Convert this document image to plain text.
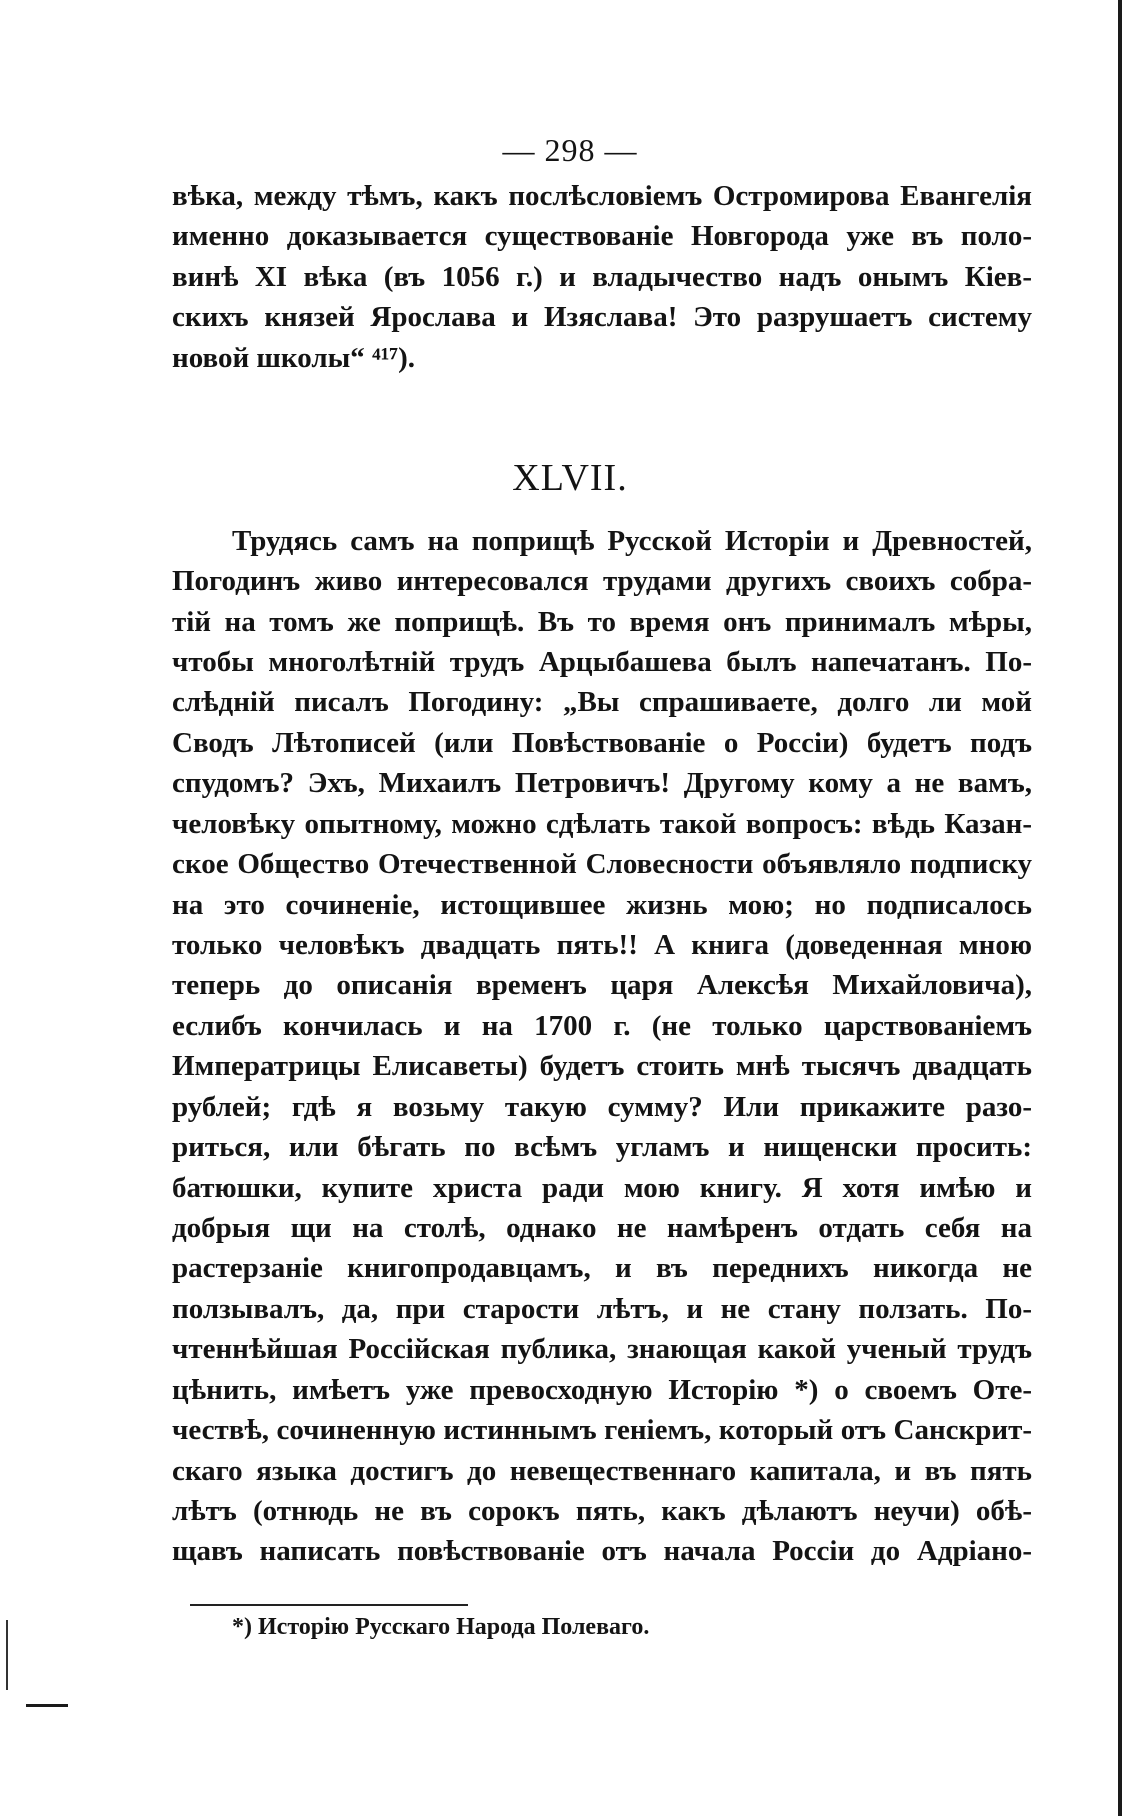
— 298 —
вѣка, между тѣмъ, какъ послѣсловіемъ Остромирова Евангелія
именно доказывается существованіе Новгорода уже въ поло-
винѣ XI вѣка (въ 1056 г.) и владычество надъ онымъ Кіев-
скихъ князей Ярослава и Изяслава! Это разрушаетъ систему
новой школы“ ⁴¹⁷).
XLVII.
Трудясь самъ на поприщѣ Русской Исторіи и Древностей,
Погодинъ живо интересовался трудами другихъ своихъ собра-
тій на томъ же поприщѣ. Въ то время онъ принималъ мѣры,
чтобы многолѣтній трудъ Арцыбашева былъ напечатанъ. По-
слѣдній писалъ Погодину: „Вы спрашиваете, долго ли мой
Сводъ Лѣтописей (или Повѣствованіе о Россіи) будетъ подъ
спудомъ? Эхъ, Михаилъ Петровичъ! Другому кому а не вамъ,
человѣку опытному, можно сдѣлать такой вопросъ: вѣдь Казан-
ское Общество Отечественной Словесности объявляло подписку
на это сочиненіе, истощившее жизнь мою; но подписалось
только человѣкъ двадцать пять!! А книга (доведенная мною
теперь до описанія временъ царя Алексѣя Михайловича),
еслибъ кончилась и на 1700 г. (не только царствованіемъ
Императрицы Елисаветы) будетъ стоить мнѣ тысячъ двадцать
рублей; гдѣ я возьму такую сумму? Или прикажите разо-
риться, или бѣгать по всѣмъ угламъ и нищенски просить:
батюшки, купите христа ради мою книгу. Я хотя имѣю и
добрыя щи на столѣ, однако не намѣренъ отдать себя на
растерзаніе книгопродавцамъ, и въ переднихъ никогда не
ползывалъ, да, при старости лѣтъ, и не стану ползать. По-
чтеннѣйшая Россійская публика, знающая какой ученый трудъ
цѣнить, имѣетъ уже превосходную Исторію *) о своемъ Оте-
чествѣ, сочиненную истиннымъ геніемъ, который отъ Санскрит-
скаго языка достигъ до невещественнаго капитала, и въ пять
лѣтъ (отнюдь не въ сорокъ пять, какъ дѣлаютъ неучи) обѣ-
щавъ написать повѣствованіе отъ начала Россіи до Адріано-
*) Исторію Русскаго Народа Полеваго.
